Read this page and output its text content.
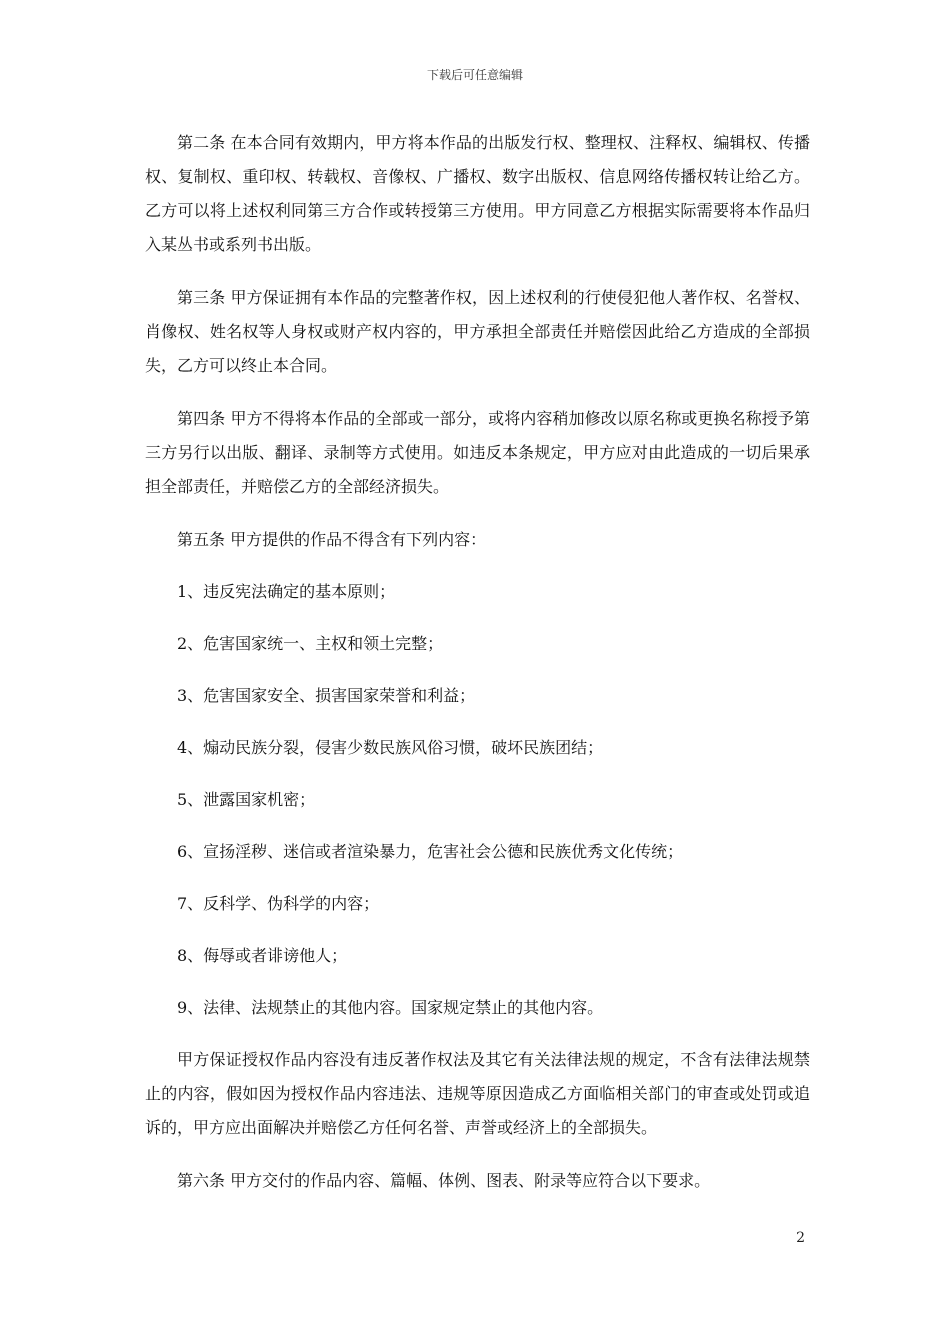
下载后可任意编辑

第二条 在本合同有效期内，甲方将本作品的出版发行权、整理权、注释权、编辑权、传播权、复制权、重印权、转载权、音像权、广播权、数字出版权、信息网络传播权转让给乙方。乙方可以将上述权利同第三方合作或转授第三方使用。甲方同意乙方根据实际需要将本作品归入某丛书或系列书出版。

第三条 甲方保证拥有本作品的完整著作权，因上述权利的行使侵犯他人著作权、名誉权、肖像权、姓名权等人身权或财产权内容的，甲方承担全部责任并赔偿因此给乙方造成的全部损失，乙方可以终止本合同。

第四条 甲方不得将本作品的全部或一部分，或将内容稍加修改以原名称或更换名称授予第三方另行以出版、翻译、录制等方式使用。如违反本条规定，甲方应对由此造成的一切后果承担全部责任，并赔偿乙方的全部经济损失。

第五条 甲方提供的作品不得含有下列内容：

1、违反宪法确定的基本原则；

2、危害国家统一、主权和领土完整；

3、危害国家安全、损害国家荣誉和利益；

4、煽动民族分裂，侵害少数民族风俗习惯，破坏民族团结；

5、泄露国家机密；

6、宣扬淫秽、迷信或者渲染暴力，危害社会公德和民族优秀文化传统；

7、反科学、伪科学的内容；

8、侮辱或者诽谤他人；

9、法律、法规禁止的其他内容。国家规定禁止的其他内容。

甲方保证授权作品内容没有违反著作权法及其它有关法律法规的规定，不含有法律法规禁止的内容，假如因为授权作品内容违法、违规等原因造成乙方面临相关部门的审查或处罚或追诉的，甲方应出面解决并赔偿乙方任何名誉、声誉或经济上的全部损失。

第六条 甲方交付的作品内容、篇幅、体例、图表、附录等应符合以下要求。

2
